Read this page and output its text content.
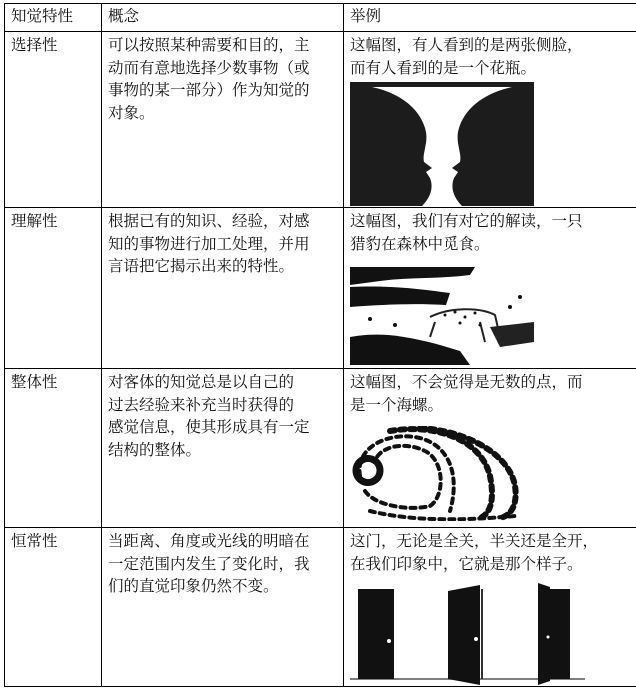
知觉特性	概念	举例
选择性	可以按照某种需要和目的，主
动而有意地选择少数事物（或
事物的某一部分）作为知觉的
对象。	这幅图，有人看到的是两张侧脸，
而有人看到的是一个花瓶。

理解性	根据已有的知识、经验，对感
知的事物进行加工处理，并用
言语把它揭示出来的特性。	这幅图，我们有对它的解读，一只
猎豹在森林中觅食。

整体性	对客体的知觉总是以自己的
过去经验来补充当时获得的
感觉信息，使其形成具有一定
结构的整体。	这幅图，不会觉得是无数的点，而
是一个海螺。

恒常性	当距离、角度或光线的明暗在
一定范围内发生了变化时，我
们的直觉印象仍然不变。	这门，无论是全关，半关还是全开，
在我们印象中，它就是那个样子。
